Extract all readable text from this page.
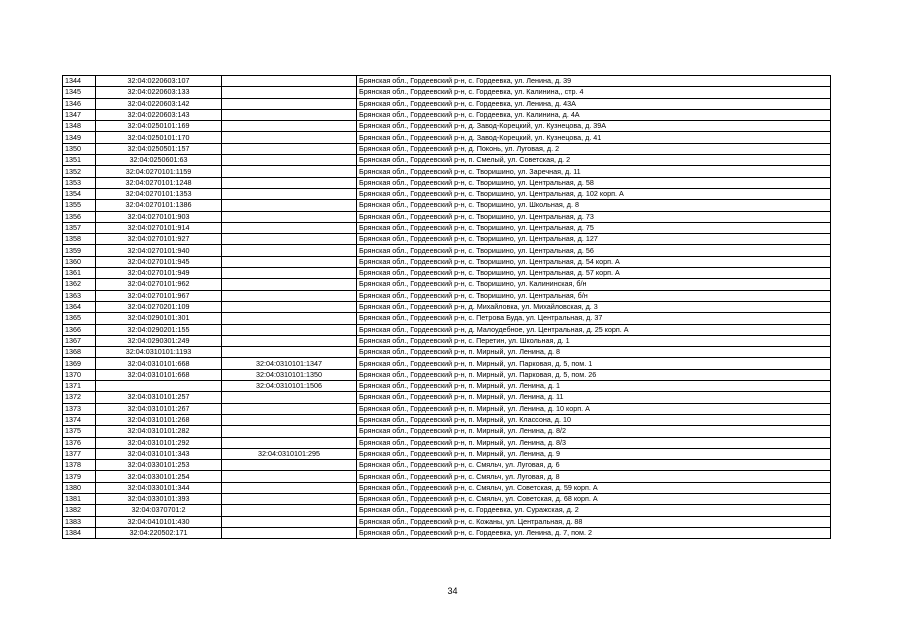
1344	32:04:0220603:107		Брянская обл., Гордеевский р-н, с. Гордеевка, ул. Ленина, д. 39
1345	32:04:0220603:133		Брянская обл., Гордеевский р-н, с. Гордеевка, ул. Калинина,, стр. 4
1346	32:04:0220603:142		Брянская обл., Гордеевский р-н, с. Гордеевка, ул. Ленина, д. 43А
1347	32:04:0220603:143		Брянская обл., Гордеевский р-н, с. Гордеевка, ул. Калинина, д. 4А
1348	32:04:0250101:169		Брянская обл., Гордеевский р-н, д. Завод-Корецкий, ул. Кузнецова, д. 39А
1349	32:04:0250101:170		Брянская обл., Гордеевский р-н, д. Завод-Корецкий, ул. Кузнецова, д. 41
1350	32:04:0250501:157		Брянская обл., Гордеевский р-н, д. Поконь, ул. Луговая, д. 2
1351	32:04:0250601:63		Брянская обл., Гордеевский р-н, п. Смелый, ул. Советская, д. 2
1352	32:04:0270101:1159		Брянская обл., Гордеевский р-н, с. Творишино, ул. Заречная, д. 11
1353	32:04:0270101:1248		Брянская обл., Гордеевский р-н, с. Творишино, ул. Центральная, д. 58
1354	32:04:0270101:1353		Брянская обл., Гордеевский р-н, с. Творишино, ул. Центральная, д. 102 корп. А
1355	32:04:0270101:1386		Брянская обл., Гордеевский р-н, с. Творишино, ул. Школьная, д. 8
1356	32:04:0270101:903		Брянская обл., Гордеевский р-н, с. Творишино, ул. Центральная, д. 73
1357	32:04:0270101:914		Брянская обл., Гордеевский р-н, с. Творишино, ул. Центральная, д. 75
1358	32:04:0270101:927		Брянская обл., Гордеевский р-н, с. Творишино, ул. Центральная, д. 127
1359	32:04:0270101:940		Брянская обл., Гордеевский р-н, с. Творишино, ул. Центральная, д. 56
1360	32:04:0270101:945		Брянская обл., Гордеевский р-н, с. Творишино, ул. Центральная, д. 54 корп. А
1361	32:04:0270101:949		Брянская обл., Гордеевский р-н, с. Творишино, ул. Центральная, д. 57 корп. А
1362	32:04:0270101:962		Брянская обл., Гордеевский р-н, с. Творишино, ул. Калининская, б/н
1363	32:04:0270101:967		Брянская обл., Гордеевский р-н, с. Творишино, ул. Центральная, б/н
1364	32:04:0270201:109		Брянская обл., Гордеевский р-н, д. Михайловка, ул. Михайловская, д. 3
1365	32:04:0290101:301		Брянская обл., Гордеевский р-н, с. Петрова Буда, ул. Центральная, д. 37
1366	32:04:0290201:155		Брянская обл., Гордеевский р-н, д. Малоудебное, ул. Центральная, д. 25 корп. А
1367	32:04:0290301:249		Брянская обл., Гордеевский р-н, с. Перетин, ул. Школьная, д. 1
1368	32:04:0310101:1193		Брянская обл., Гордеевский р-н, п. Мирный, ул. Ленина, д. 8
1369	32:04:0310101:668	32:04:0310101:1347	Брянская обл., Гордеевский р-н, п. Мирный, ул. Парковая, д. 5, пом. 1
1370	32:04:0310101:668	32:04:0310101:1350	Брянская обл., Гордеевский р-н, п. Мирный, ул. Парковая, д. 5, пом. 26
1371		32:04:0310101:1506	Брянская обл., Гордеевский р-н, п. Мирный, ул. Ленина, д. 1
1372	32:04:0310101:257		Брянская обл., Гордеевский р-н, п. Мирный, ул. Ленина, д. 11
1373	32:04:0310101:267		Брянская обл., Гордеевский р-н, п. Мирный, ул. Ленина, д. 10 корп. А
1374	32:04:0310101:268		Брянская обл., Гордеевский р-н, п. Мирный, ул. Классона, д. 10
1375	32:04:0310101:282		Брянская обл., Гордеевский р-н, п. Мирный, ул. Ленина, д. 8/2
1376	32:04:0310101:292		Брянская обл., Гордеевский р-н, п. Мирный, ул. Ленина, д. 8/3
1377	32:04:0310101:343	32:04:0310101:295	Брянская обл., Гордеевский р-н, п. Мирный, ул. Ленина, д. 9
1378	32:04:0330101:253		Брянская обл., Гордеевский р-н, с. Смяльч, ул. Луговая, д. 6
1379	32:04:0330101:254		Брянская обл., Гордеевский р-н, с. Смяльч, ул. Луговая, д. 8
1380	32:04:0330101:344		Брянская обл., Гордеевский р-н, с. Смяльч, ул. Советская, д. 59 корп. А
1381	32:04:0330101:393		Брянская обл., Гордеевский р-н, с. Смяльч, ул. Советская, д. 68 корп. А
1382	32:04:0370701:2		Брянская обл., Гордеевский р-н, с. Гордеевка, ул. Суражская, д. 2
1383	32:04:0410101:430		Брянская обл., Гордеевский р-н, с. Кожаны, ул. Центральная, д. 88
1384	32:04:220502:171		Брянская обл., Гордеевский р-н, с. Гордеевка, ул. Ленина, д. 7, пом. 2
34
